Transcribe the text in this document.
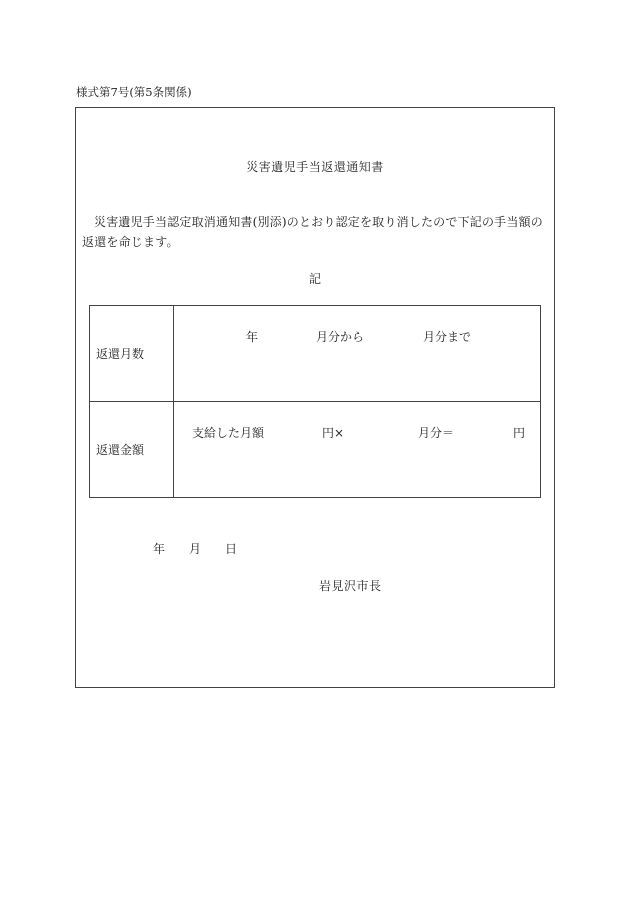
様式第7号(第5条関係)
災害遺児手当返還通知書
災害遺児手当認定取消通知書(別添)のとおり認定を取り消したので下記の手当額の返還を命じます。
記
返還月数	年 月分から 月分まで

返還金額	支給した月額 円× 月分＝ 円
年 月 日
岩見沢市長
